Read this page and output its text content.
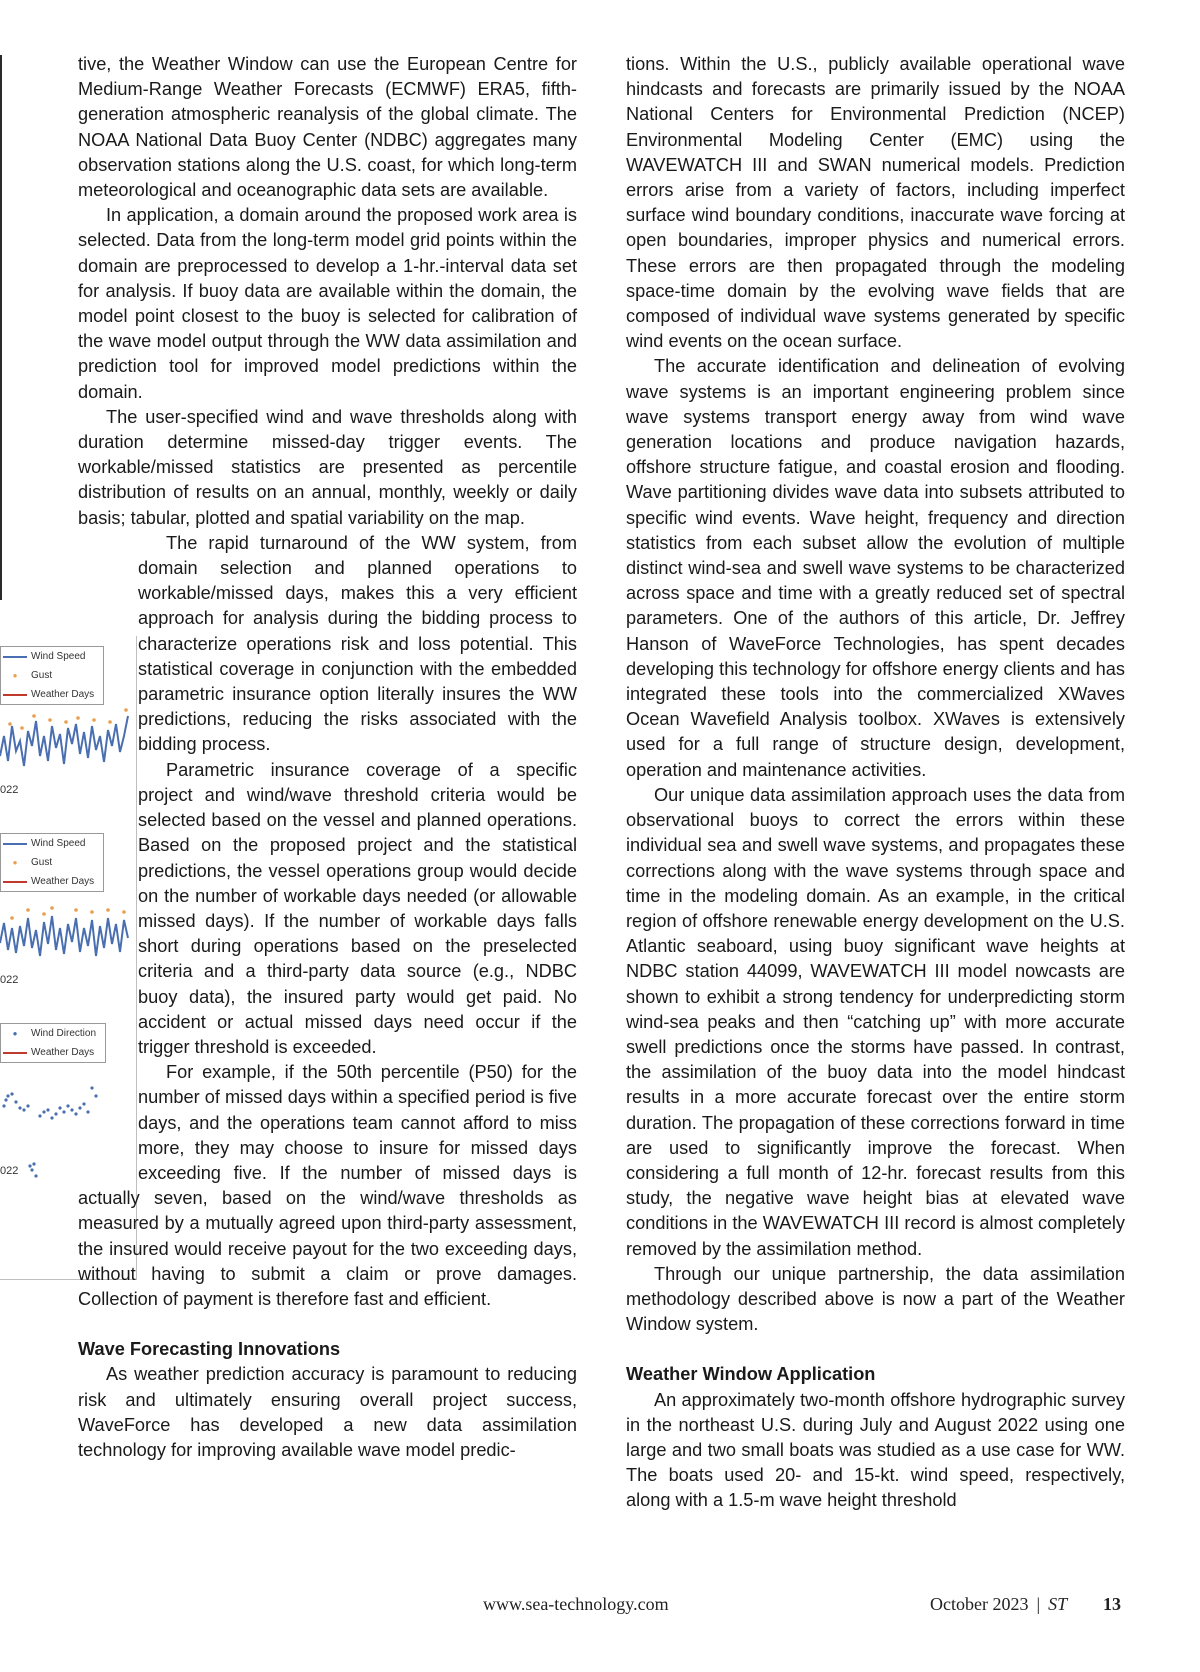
Wind Speed
●	Gust
Weather Days
022
Wind Speed
●	Gust
Weather Days
022
●	Wind Direction
Weather Days
022

tive, the Weather Window can use the European Centre for Medium-Range Weather Forecasts (ECMWF) ERA5, fifth-generation atmospheric reanalysis of the global climate. The NOAA National Data Buoy Center (NDBC) aggregates many observation stations along the U.S. coast, for which long-term meteorological and oceanographic data sets are available.

In application, a domain around the proposed work area is selected. Data from the long-term model grid points within the domain are preprocessed to develop a 1-hr.-interval data set for analysis. If buoy data are available within the domain, the model point closest to the buoy is selected for calibration of the wave model output through the WW data assimilation and prediction tool for improved model predictions within the domain.

The user-specified wind and wave thresholds along with duration determine missed-day trigger events. The workable/missed statistics are presented as percentile distribution of results on an annual, monthly, weekly or daily basis; tabular, plotted and spatial variability on the map.

The rapid turnaround of the WW system, from domain selection and planned operations to workable/missed days, makes this a very efficient approach for analysis during the bidding process to characterize operations risk and loss potential. This statistical coverage in conjunction with the embedded parametric insurance option literally insures the WW predictions, reducing the risks associated with the bidding process.

Parametric insurance coverage of a specific project and wind/wave threshold criteria would be selected based on the vessel and planned operations. Based on the proposed project and the statistical predictions, the vessel operations group would decide on the number of workable days needed (or allowable missed days). If the number of workable days falls short during operations based on the preselected criteria and a third-party data source (e.g., NDBC buoy data), the insured party would get paid. No accident or actual missed days need occur if the trigger threshold is exceeded.

For example, if the 50th percentile (P50) for the number of missed days within a specified period is five days, and the operations team cannot afford to miss more, they may choose to insure for missed days exceeding five. If the number of missed days is actually seven, based on the wind/wave thresholds as measured by a mutually agreed upon third-party assessment, the insured would receive payout for the two exceeding days, without having to submit a claim or prove damages. Collection of payment is therefore fast and efficient.

Wave Forecasting Innovations

As weather prediction accuracy is paramount to reducing risk and ultimately ensuring overall project success, WaveForce has developed a new data assimilation technology for improving available wave model predic-

tions. Within the U.S., publicly available operational wave hindcasts and forecasts are primarily issued by the NOAA National Centers for Environmental Prediction (NCEP) Environmental Modeling Center (EMC) using the WAVEWATCH III and SWAN numerical models. Prediction errors arise from a variety of factors, including imperfect surface wind boundary conditions, inaccurate wave forcing at open boundaries, improper physics and numerical errors. These errors are then propagated through the modeling space-time domain by the evolving wave fields that are composed of individual wave systems generated by specific wind events on the ocean surface.

The accurate identification and delineation of evolving wave systems is an important engineering problem since wave systems transport energy away from wind wave generation locations and produce navigation hazards, offshore structure fatigue, and coastal erosion and flooding. Wave partitioning divides wave data into subsets attributed to specific wind events. Wave height, frequency and direction statistics from each subset allow the evolution of multiple distinct wind-sea and swell wave systems to be characterized across space and time with a greatly reduced set of spectral parameters. One of the authors of this article, Dr. Jeffrey Hanson of WaveForce Technologies, has spent decades developing this technology for offshore energy clients and has integrated these tools into the commercialized XWaves Ocean Wavefield Analysis toolbox. XWaves is extensively used for a full range of structure design, development, operation and maintenance activities.

Our unique data assimilation approach uses the data from observational buoys to correct the errors within these individual sea and swell wave systems, and propagates these corrections along with the wave systems through space and time in the modeling domain. As an example, in the critical region of offshore renewable energy development on the U.S. Atlantic seaboard, using buoy significant wave heights at NDBC station 44099, WAVEWATCH III model nowcasts are shown to exhibit a strong tendency for underpredicting storm wind-sea peaks and then “catching up” with more accurate swell predictions once the storms have passed. In contrast, the assimilation of the buoy data into the model hindcast results in a more accurate forecast over the entire storm duration. The propagation of these corrections forward in time are used to significantly improve the forecast. When considering a full month of 12-hr. forecast results from this study, the negative wave height bias at elevated wave conditions in the WAVEWATCH III record is almost completely removed by the assimilation method.

Through our unique partnership, the data assimilation methodology described above is now a part of the Weather Window system.

Weather Window Application

An approximately two-month offshore hydrographic survey in the northeast U.S. during July and August 2022 using one large and two small boats was studied as a use case for WW. The boats used 20- and 15-kt. wind speed, respectively, along with a 1.5-m wave height threshold

www.sea-technology.com	October 2023 | ST 13
